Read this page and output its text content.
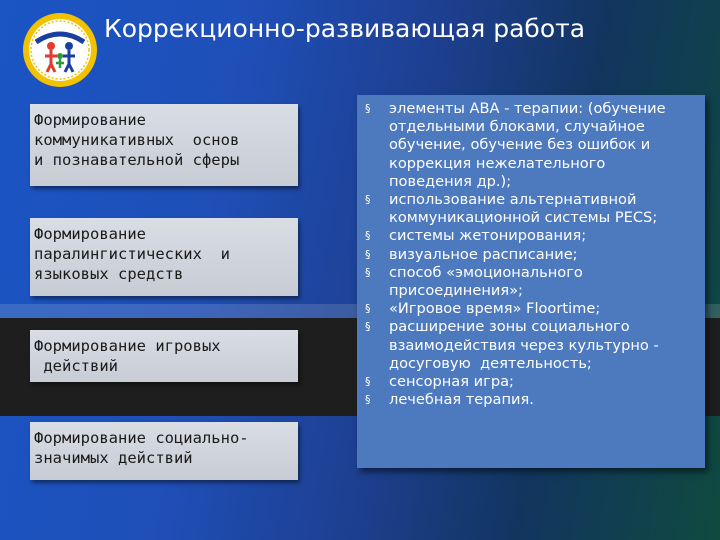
Коррекционно-развивающая работа
Формирование
коммуникативных  основ
и познавательной сферы
Формирование
паралингистических  и
языковых средств
Формирование игровых
действий
Формирование социально-
значимых действий
§	элементы АВА - терапии: (обучение
отдельными блоками, случайное
обучение, обучение без ошибок и
коррекция нежелательного
поведения др.);
§	использование альтернативной
коммуникационной системы PECS;
§	системы жетонирования;
§	визуальное расписание;
§	способ «эмоционального
присоединения»;
§	«Игровое время» Floortime;
§	расширение зоны социального
взаимодействия через культурно -
досуговую  деятельность;
§	сенсорная игра;
§	лечебная терапия.
